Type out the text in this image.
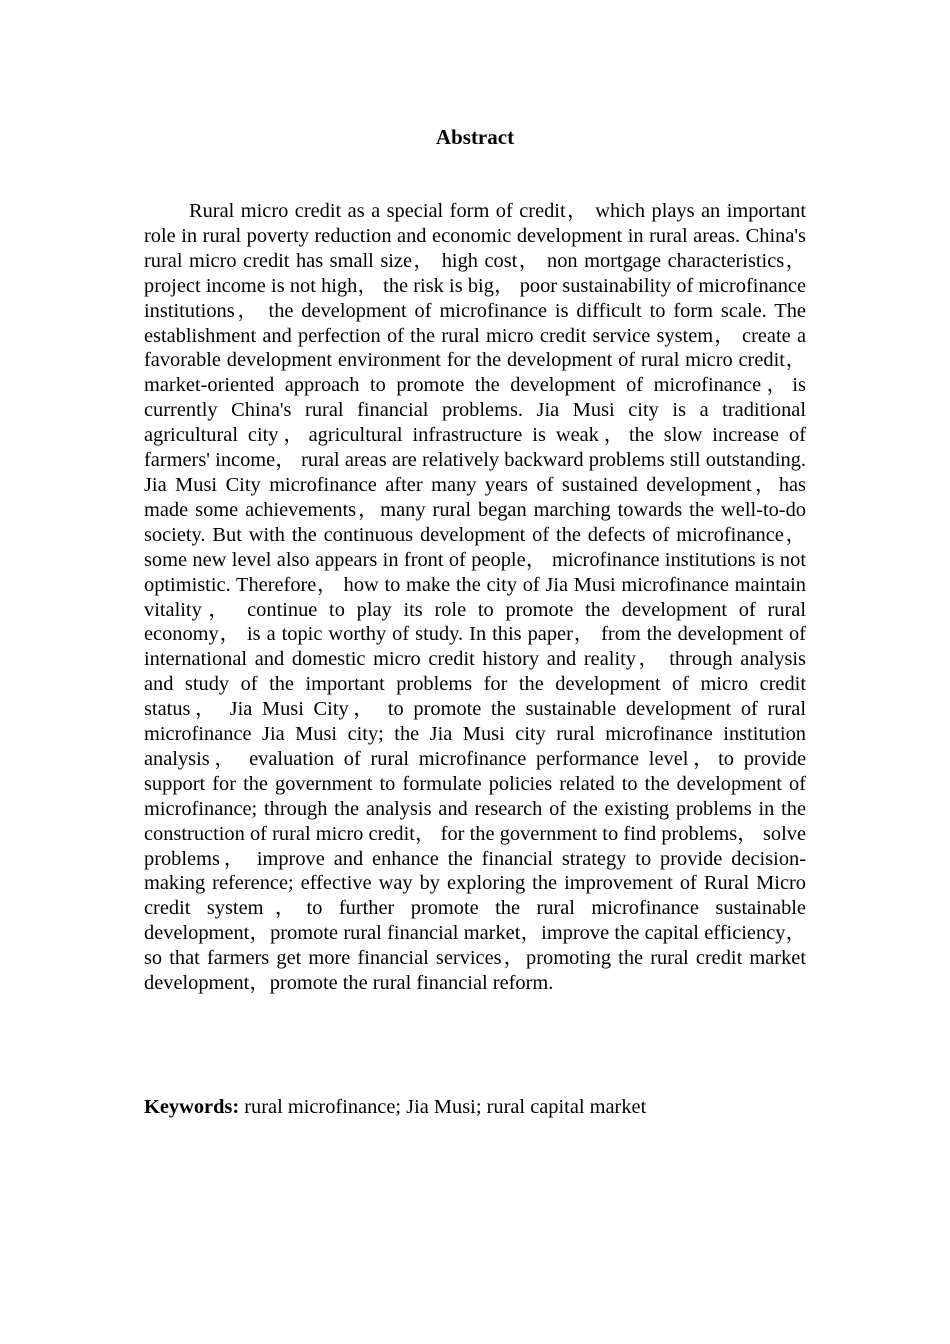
Abstract

Rural micro credit as a special form of credit， which plays an important role in rural poverty reduction and economic development in rural areas. China's rural micro credit has small size， high cost， non mortgage characteristics， project income is not high， the risk is big， poor sustainability of microfinance institutions， the development of microfinance is difficult to form scale. The establishment and perfection of the rural micro credit service system， create a favorable development environment for the development of rural micro credit， market-oriented approach to promote the development of microfinance，is currently China's rural financial problems. Jia Musi city is a traditional agricultural city，agricultural infrastructure is weak，the slow increase of farmers' income， rural areas are relatively backward problems still outstanding. Jia Musi City microfinance after many years of sustained development，has made some achievements，many rural began marching towards the well-to-do society. But with the continuous development of the defects of microfinance， some new level also appears in front of people， microfinance institutions is not optimistic. Therefore， how to make the city of Jia Musi microfinance maintain vitality， continue to play its role to promote the development of rural economy， is a topic worthy of study. In this paper， from the development of international and domestic micro credit history and reality， through analysis and study of the important problems for the development of micro credit status， Jia Musi City， to promote the sustainable development of rural microfinance Jia Musi city; the Jia Musi city rural microfinance institution analysis， evaluation of rural microfinance performance level，to provide support for the government to formulate policies related to the development of microfinance; through the analysis and research of the existing problems in the construction of rural micro credit， for the government to find problems， solve problems， improve and enhance the financial strategy to provide decision-making reference; effective way by exploring the improvement of Rural Micro credit system，to further promote the rural microfinance sustainable development，promote rural financial market，improve the capital efficiency， so that farmers get more financial services，promoting the rural credit market development，promote the rural financial reform.

Keywords: rural microfinance; Jia Musi; rural capital market
